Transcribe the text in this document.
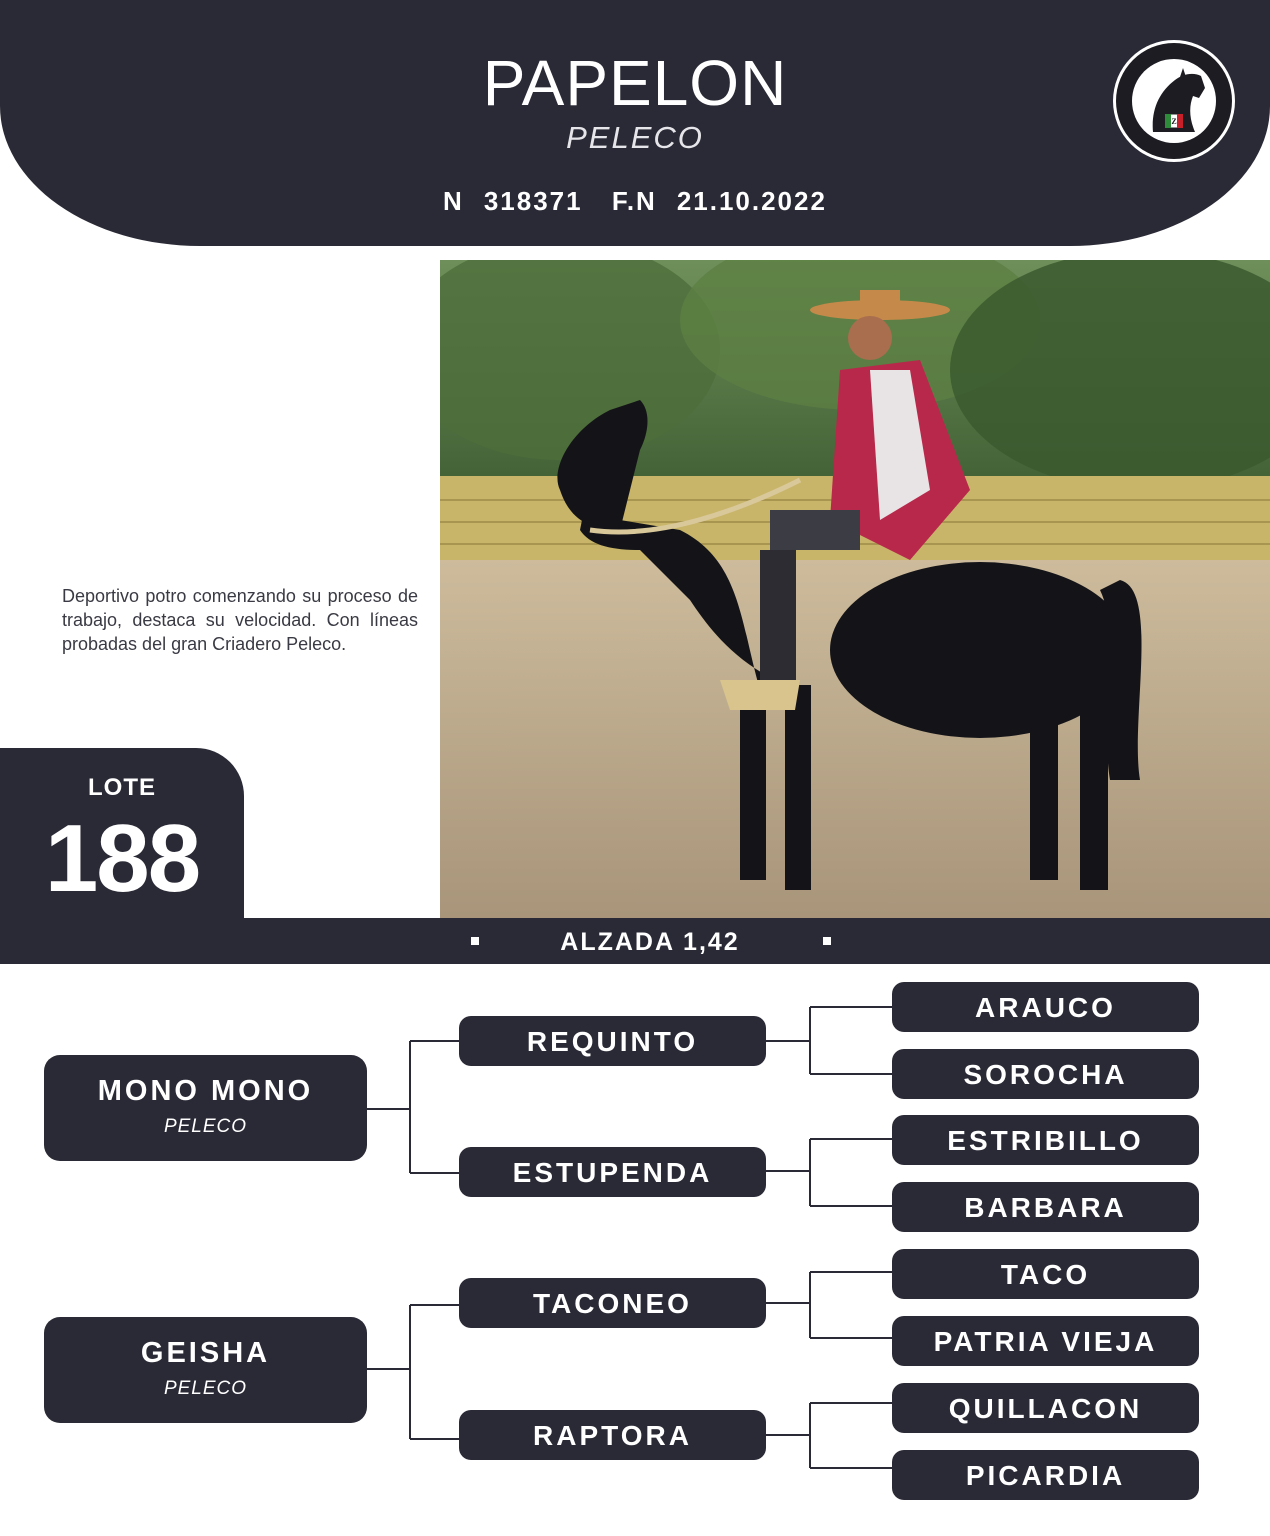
PAPELON
PELECO
N 318371 F.N 21.10.2022
Z
Deportivo potro comenzando su proceso de trabajo, destaca su velocidad. Con líneas probadas del gran Criadero Peleco.
LOTE
188
ALZADA 1,42
MONO MONO
PELECO
GEISHA
PELECO
REQUINTO
ESTUPENDA
TACONEO
RAPTORA
ARAUCO
SOROCHA
ESTRIBILLO
BARBARA
TACO
PATRIA VIEJA
QUILLACON
PICARDIA
